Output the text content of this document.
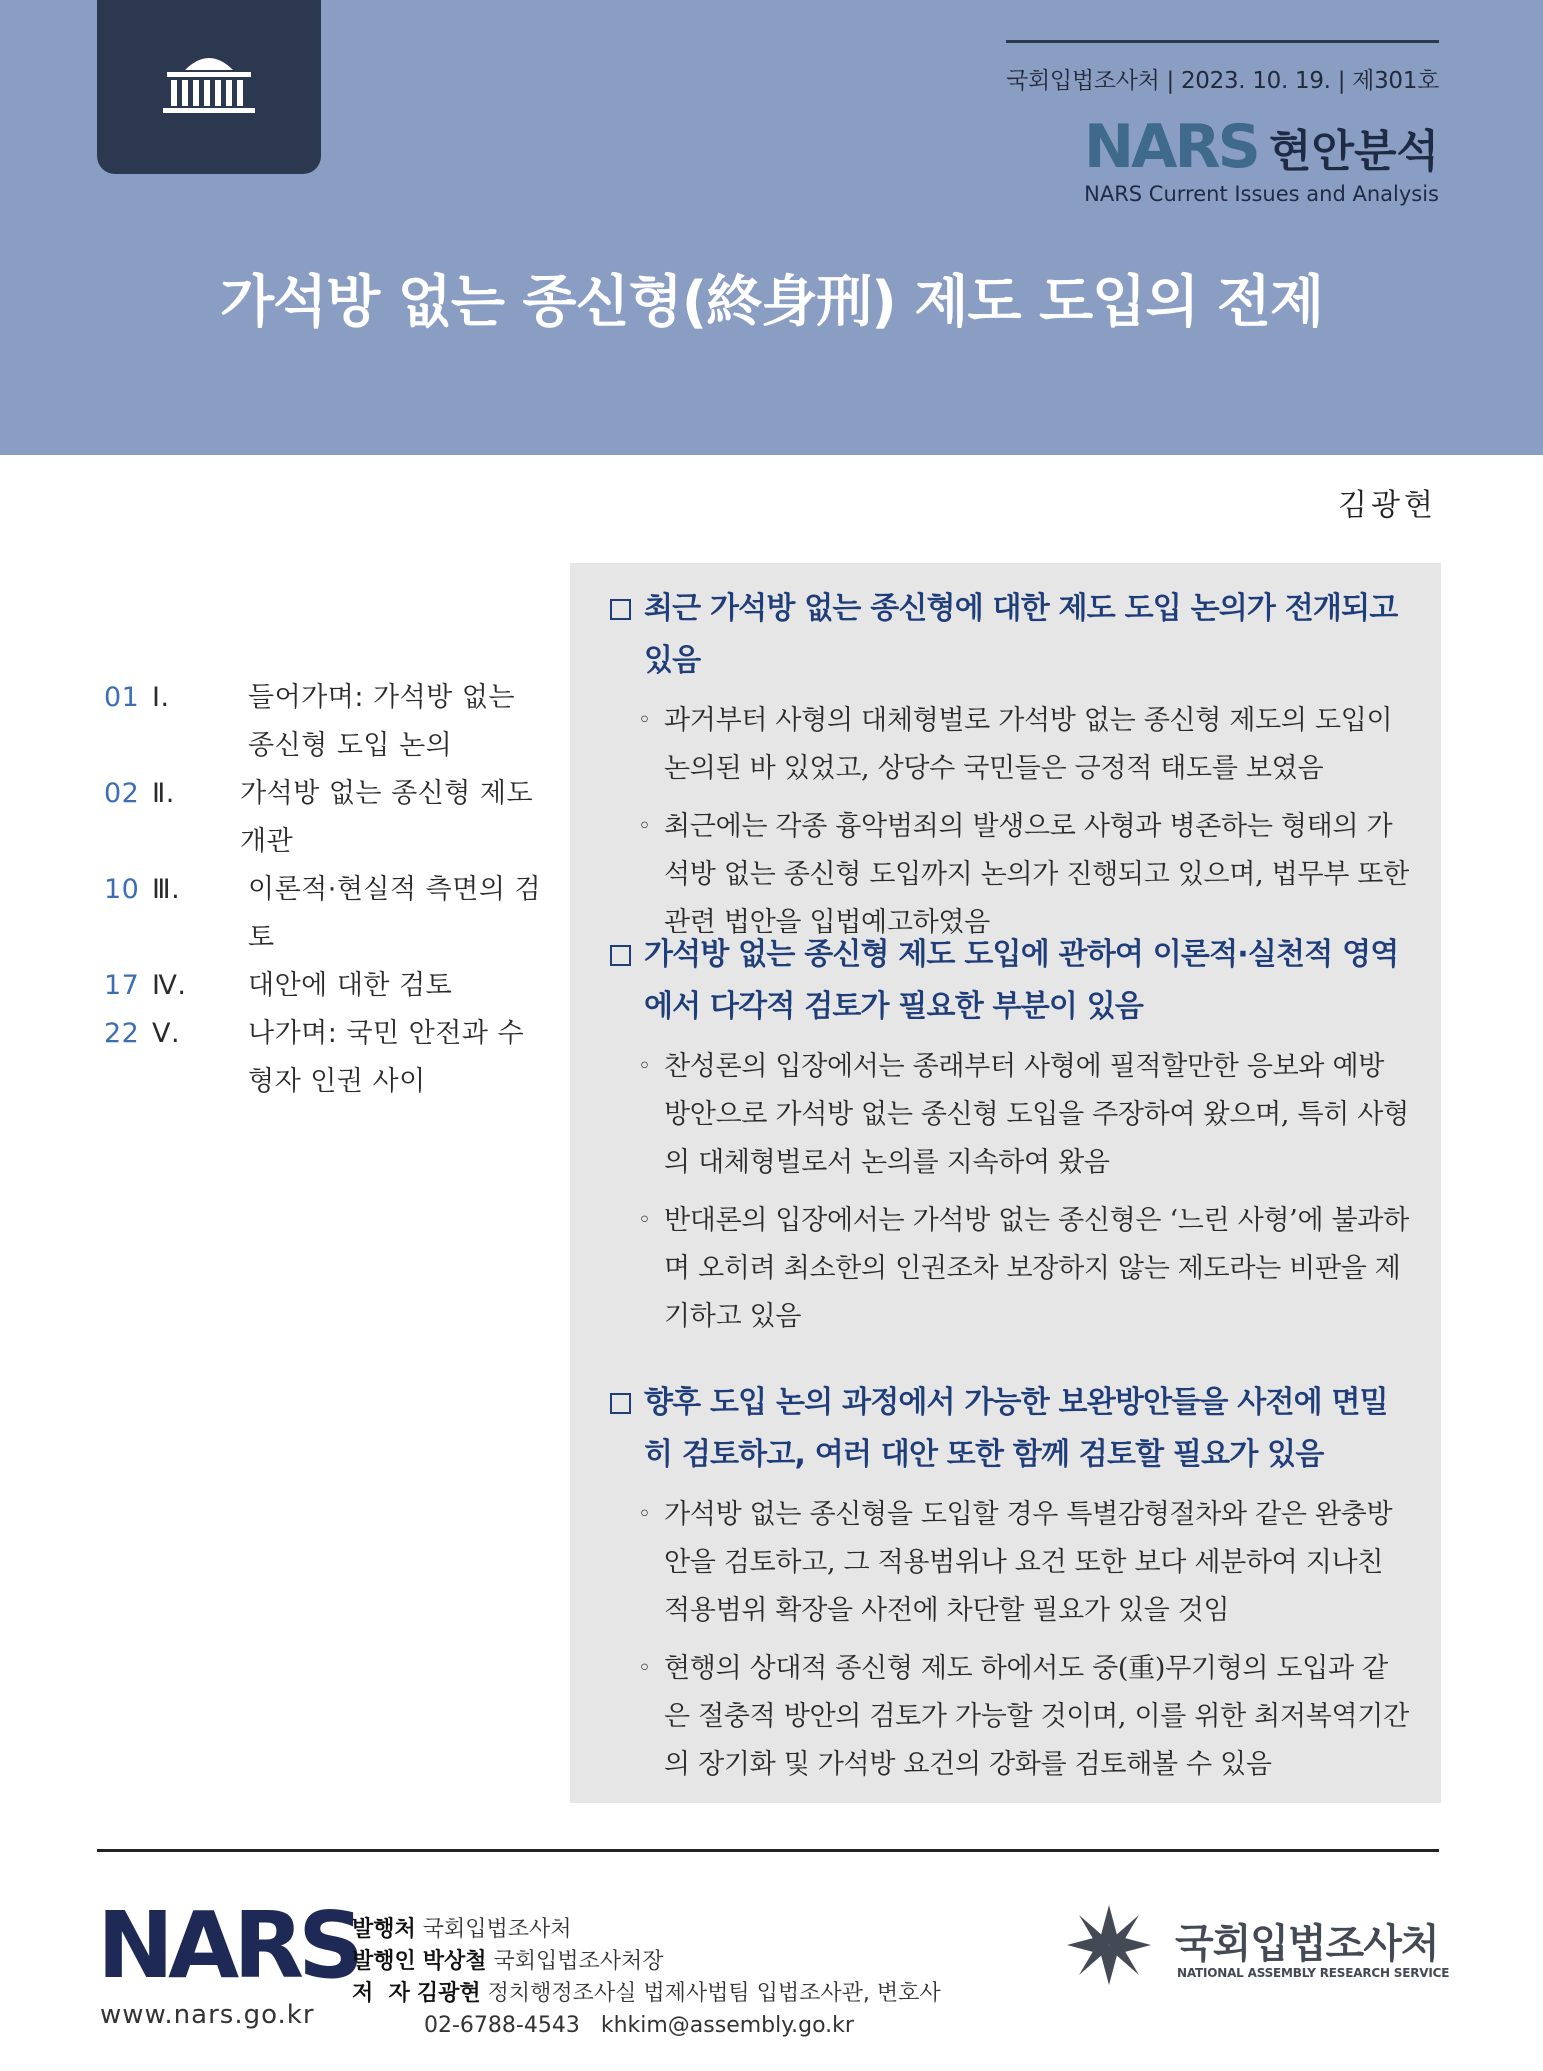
국회입법조사처 | 2023. 10. 19. | 제301호
NARS 현안분석
NARS Current Issues and Analysis
가석방 없는 종신형(終身刑) 제도 도입의 전제
김광현
01 Ⅰ.	들어가며: 가석방 없는 종신형 도입 논의
02 Ⅱ.	가석방 없는 종신형 제도 개관
10 Ⅲ.	이론적·현실적 측면의 검토
17 Ⅳ.	대안에 대한 검토
22 Ⅴ.	나가며: 국민 안전과 수형자 인권 사이
최근 가석방 없는 종신형에 대한 제도 도입 논의가 전개되고 있음
◦ 과거부터 사형의 대체형벌로 가석방 없는 종신형 제도의 도입이 논의된 바 있었고, 상당수 국민들은 긍정적 태도를 보였음
◦ 최근에는 각종 흉악범죄의 발생으로 사형과 병존하는 형태의 가석방 없는 종신형 도입까지 논의가 진행되고 있으며, 법무부 또한 관련 법안을 입법예고하였음
가석방 없는 종신형 제도 도입에 관하여 이론적·실천적 영역에서 다각적 검토가 필요한 부분이 있음
◦ 찬성론의 입장에서는 종래부터 사형에 필적할만한 응보와 예방 방안으로 가석방 없는 종신형 도입을 주장하여 왔으며, 특히 사형의 대체형벌로서 논의를 지속하여 왔음
◦ 반대론의 입장에서는 가석방 없는 종신형은 ‘느린 사형’에 불과하며 오히려 최소한의 인권조차 보장하지 않는 제도라는 비판을 제기하고 있음
향후 도입 논의 과정에서 가능한 보완방안들을 사전에 면밀히 검토하고, 여러 대안 또한 함께 검토할 필요가 있음
◦ 가석방 없는 종신형을 도입할 경우 특별감형절차와 같은 완충방안을 검토하고, 그 적용범위나 요건 또한 보다 세분하여 지나친 적용범위 확장을 사전에 차단할 필요가 있을 것임
◦ 현행의 상대적 종신형 제도 하에서도 중(重)무기형의 도입과 같은 절충적 방안의 검토가 가능할 것이며, 이를 위한 최저복역기간의 장기화 및 가석방 요건의 강화를 검토해볼 수 있음
NARS
www.nars.go.kr
발행처 국회입법조사처
발행인 박상철 국회입법조사처장
저  자 김광현 정치행정조사실 법제사법팀 입법조사관, 변호사
02-6788-4543   khkim@assembly.go.kr
국회입법조사처
NATIONAL ASSEMBLY RESEARCH SERVICE
